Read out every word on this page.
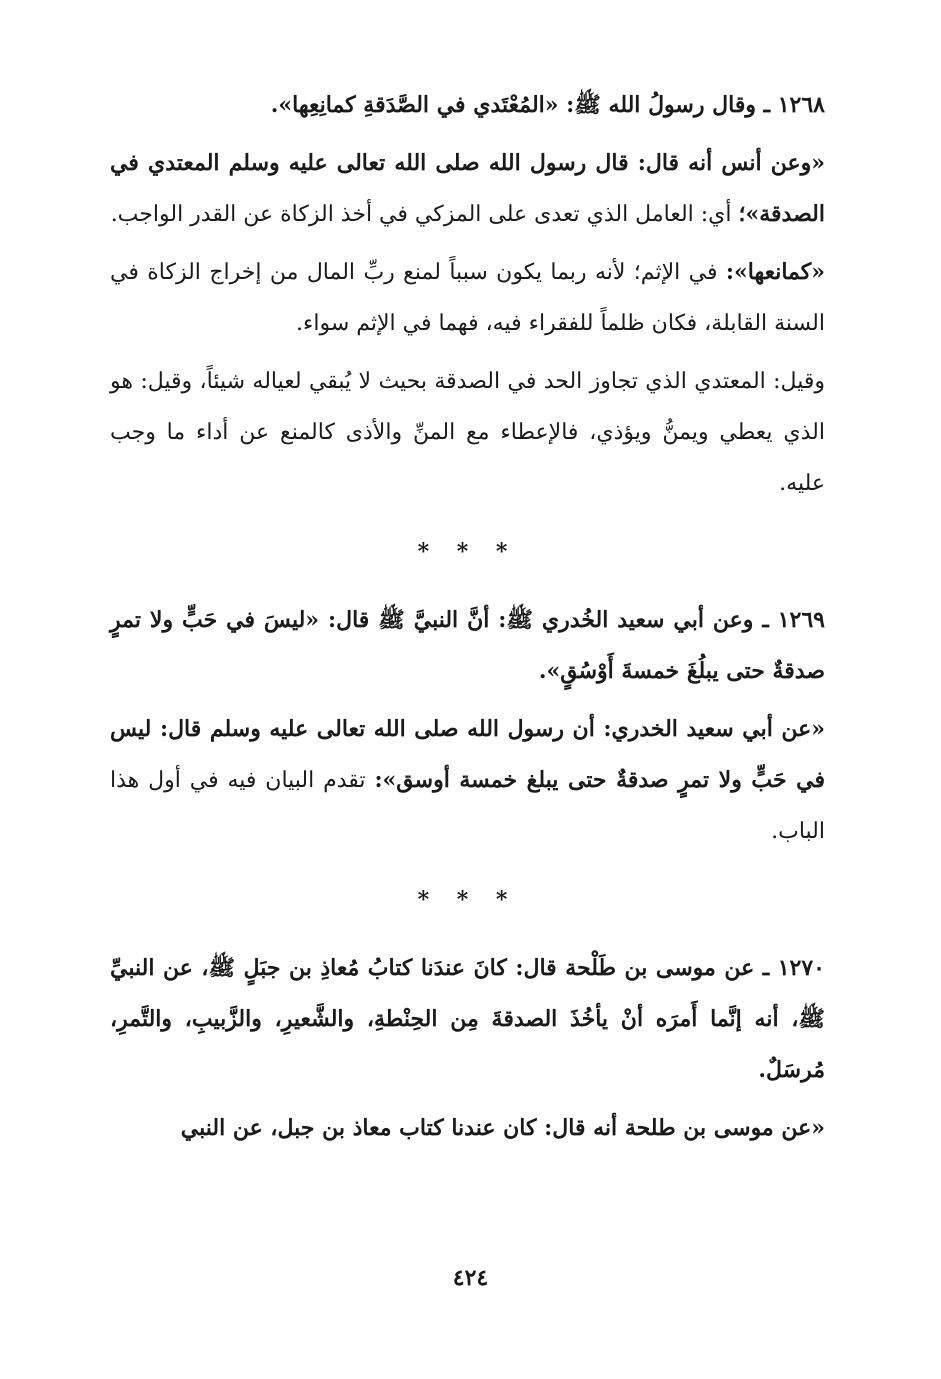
١٢٦٨ ـ وقال رسولُ الله ﷺ: «المُعْتَدي في الصَّدَقةِ كمانِعِها».

«وعن أنس أنه قال: قال رسول الله صلى الله تعالى عليه وسلم المعتدي في الصدقة»؛ أي: العامل الذي تعدى على المزكي في أخذ الزكاة عن القدر الواجب.

«كمانعها»: في الإثم؛ لأنه ربما يكون سبباً لمنع ربِّ المال من إخراج الزكاة في السنة القابلة، فكان ظلماً للفقراء فيه، فهما في الإثم سواء.

وقيل: المعتدي الذي تجاوز الحد في الصدقة بحيث لا يُبقي لعياله شيئاً، وقيل: هو الذي يعطي ويمنُّ ويؤذي، فالإعطاء مع المنِّ والأذى كالمنع عن أداء ما وجب عليه.

* * *

١٢٦٩ ـ وعن أبي سعيد الخُدري ﷺ: أنَّ النبيَّ ﷺ قال: «ليسَ في حَبٍّ ولا تمرٍ صدقةٌ حتى يبلُغَ خمسةَ أَوْسُقٍ».

«عن أبي سعيد الخدري: أن رسول الله صلى الله تعالى عليه وسلم قال: ليس في حَبٍّ ولا تمرٍ صدقةٌ حتى يبلغ خمسة أوسق»: تقدم البيان فيه في أول هذا الباب.

* * *

١٢٧٠ ـ عن موسى بن طَلْحة قال: كانَ عندَنا كتابُ مُعاذِ بن جبَلٍ ﷺ، عن النبيِّ ﷺ، أنه إنَّما أَمرَه أنْ يأخُذَ الصدقةَ مِن الحِنْطةِ، والشَّعيرِ، والزَّبيبِ، والتَّمرِ، مُرسَلٌ.

«عن موسى بن طلحة أنه قال: كان عندنا كتاب معاذ بن جبل، عن النبي

٤٢٤
